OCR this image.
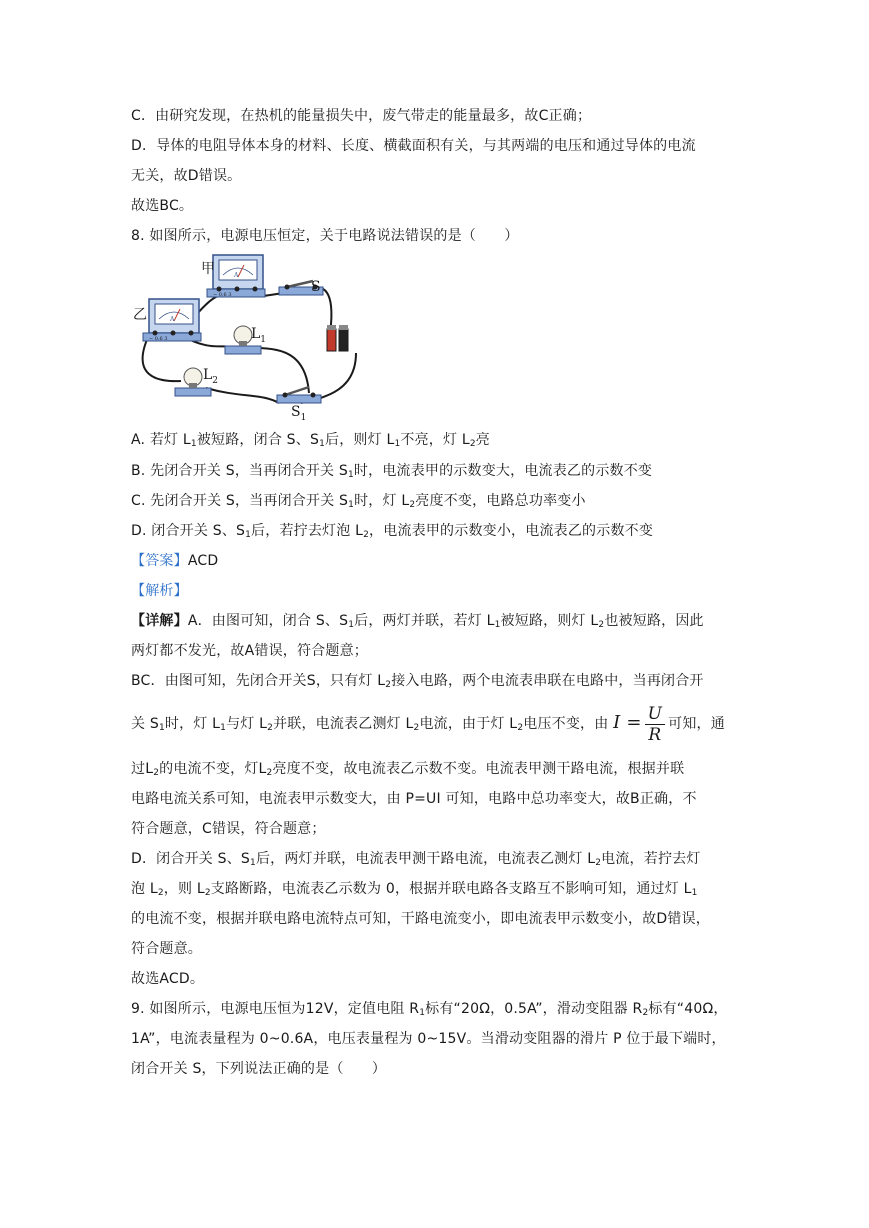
C．由研究发现，在热机的能量损失中，废气带走的能量最多，故C正确；
D．导体的电阻导体本身的材料、长度、横截面积有关，与其两端的电压和通过导体的电流
无关，故D错误。
故选BC。
8. 如图所示，电源电压恒定，关于电路说法错误的是（　　）
A
− 0.6 3
甲
A
− 0.6 3
乙
S
$L_1$
$L_2$
$S_1$
A. 若灯 $L_1$被短路，闭合 S、$S_1$后，则灯 $L_1$不亮，灯 $L_2$亮
B. 先闭合开关 S，当再闭合开关 $S_1$时，电流表甲的示数变大，电流表乙的示数不变
C. 先闭合开关 S，当再闭合开关 $S_1$时，灯 $L_2$亮度不变，电路总功率变小
D. 闭合开关 S、$S_1$后，若拧去灯泡 $L_2$，电流表甲的示数变小，电流表乙的示数不变
【答案】ACD
【解析】
【详解】A．由图可知，闭合 S、$S_1$后，两灯并联，若灯 $L_1$被短路，则灯 $L_2$也被短路，因此
两灯都不发光，故A错误，符合题意；
BC．由图可知，先闭合开关S，只有灯 $L_2$接入电路，两个电流表串联在电路中，当再闭合开
关 $S_1$时，灯 $L_1$与灯 $L_2$并联，电流表乙测灯 $L_2$电流，由于灯 $L_2$电压不变，由 $I = \frac{U}{R}$ 可知，通
过$L_2$的电流不变，灯$L_2$亮度不变，故电流表乙示数不变。电流表甲测干路电流，根据并联
电路电流关系可知，电流表甲示数变大，由 P=UI 可知，电路中总功率变大，故B正确，不
符合题意，C错误，符合题意；
D．闭合开关 S、$S_1$后，两灯并联，电流表甲测干路电流，电流表乙测灯 $L_2$电流，若拧去灯
泡 $L_2$，则 $L_2$支路断路，电流表乙示数为 0，根据并联电路各支路互不影响可知，通过灯 $L_1$
的电流不变，根据并联电路电流特点可知，干路电流变小，即电流表甲示数变小，故D错误，
符合题意。
故选ACD。
9. 如图所示，电源电压恒为12V，定值电阻 $R_1$标有“20Ω，0.5A”，滑动变阻器 $R_2$标有“40Ω，
1A”，电流表量程为 0~0.6A，电压表量程为 0~15V。当滑动变阻器的滑片 P 位于最下端时，
闭合开关 S，下列说法正确的是（　　）
